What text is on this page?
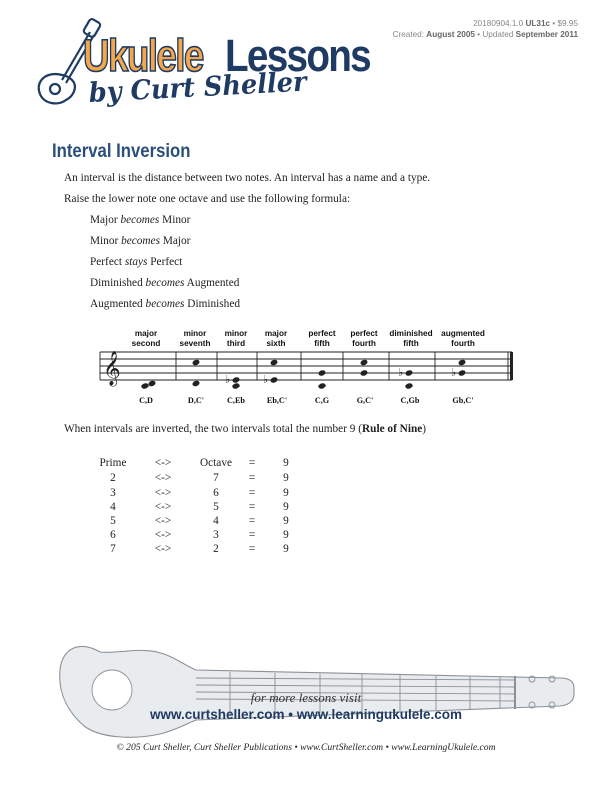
20180904.1.0 UL31c • $9.95
Created: August 2005 • Updated September 2011
Ukulele Lessons
by Curt Sheller
Interval Inversion
An interval is the distance between two notes. An interval has a name and a type.
Raise the lower note one octave and use the following formula:
Major becomes Minor
Minor becomes Major
Perfect stays Perfect
Diminished becomes Augmented
Augmented becomes Diminished
major
second
minor
seventh
minor
third
major
sixth
perfect
fifth
perfect
fourth
diminished
fifth
augmented
fourth
𝄞	♭	♭
♭	♭
C,D	D,C'	C,Eb	Eb,C'	C,G	G,C'	C,Gb	Gb,C'
When intervals are inverted, the two intervals total the number 9 (Rule of Nine)
Prime	<->	Octave	=	9
2	<->	7	=	9
3	<->	6	=	9
4	<->	5	=	9
5	<->	4	=	9
6	<->	3	=	9
7	<->	2	=	9
for more lessons visit
www.curtsheller.com • www.learningukulele.com
© 205 Curt Sheller, Curt Sheller Publications • www.CurtSheller.com • www.LearningUkulele.com
